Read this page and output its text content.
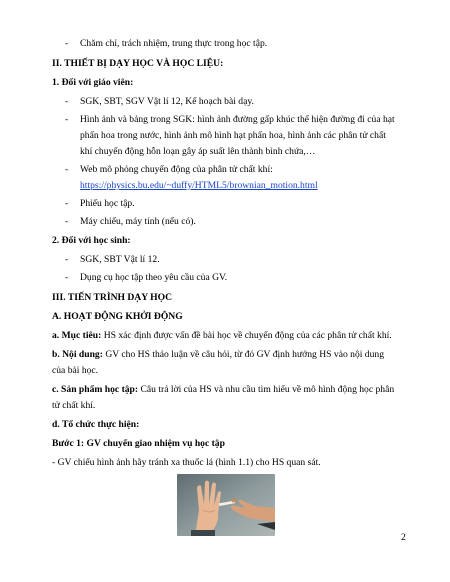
- Chăm chỉ, trách nhiệm, trung thực trong học tập.
II. THIẾT BỊ DẠY HỌC VÀ HỌC LIỆU:
1. Đối với giáo viên:
- SGK, SBT, SGV Vật lí 12, Kế hoạch bài dạy.
- Hình ảnh và bảng trong SGK: hình ảnh đường gấp khúc thể hiện đường đi của hạt
phấn hoa trong nước, hình ảnh mô hình hạt phấn hoa, hình ảnh các phân tử chất
khí chuyển động hỗn loạn gây áp suất lên thành bình chứa,…
- Web mô phỏng chuyển động của phân tử chất khí:
https://physics.bu.edu/~duffy/HTML5/brownian_motion.html
- Phiếu học tập.
- Máy chiếu, máy tính (nếu có).
2. Đối với học sinh:
- SGK, SBT Vật lí 12.
- Dụng cụ học tập theo yêu cầu của GV.
III. TIẾN TRÌNH DẠY HỌC
A. HOẠT ĐỘNG KHỞI ĐỘNG
a. Mục tiêu: HS xác định được vấn đề bài học về chuyển động của các phân tử chất khí.
b. Nội dung: GV cho HS thảo luận về câu hỏi, từ đó GV định hướng HS vào nội dung
của bài học.
c. Sản phẩm học tập: Câu trả lời của HS và nhu cầu tìm hiểu về mô hình động học phân
tử chất khí.
d. Tổ chức thực hiện:
Bước 1: GV chuyển giao nhiệm vụ học tập
- GV chiếu hình ảnh hãy tránh xa thuốc lá (hình 1.1) cho HS quan sát.
2
